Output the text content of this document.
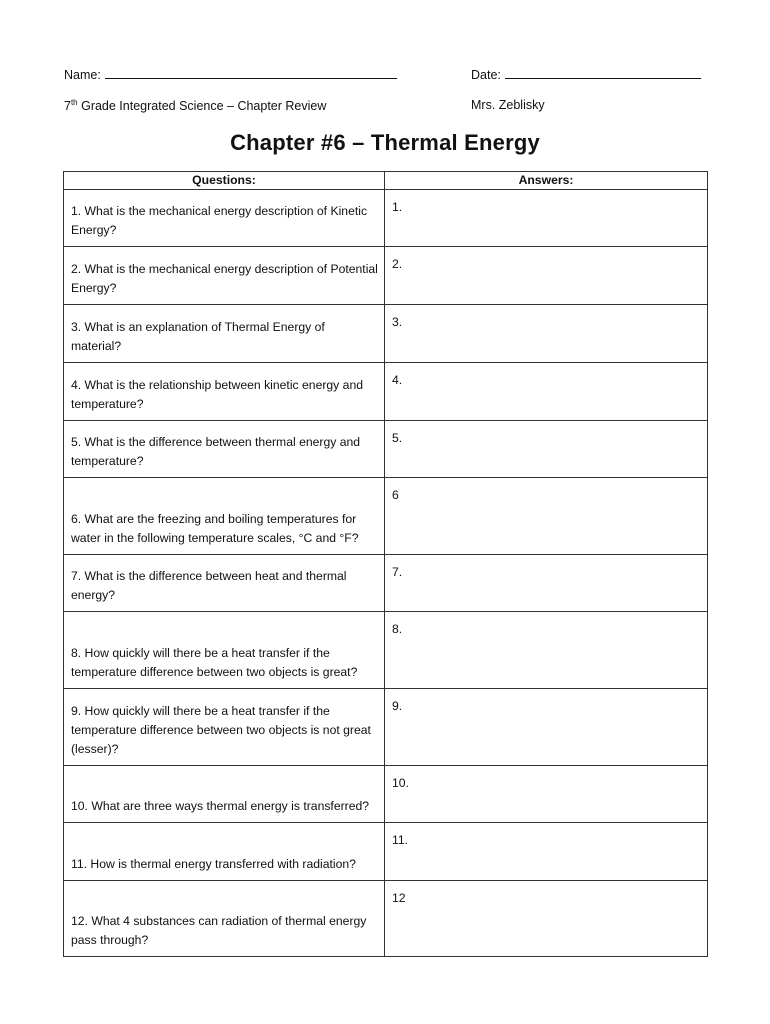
Name:	Date:
7th Grade Integrated Science – Chapter Review	Mrs. Zeblisky
Chapter #6 – Thermal Energy
Questions:	Answers:
1. What is the mechanical energy description of Kinetic Energy?	1.
2. What is the mechanical energy description of Potential Energy?	2.
3. What is an explanation of Thermal Energy of material?	3.
4. What is the relationship between kinetic energy and temperature?	4.
5. What is the difference between thermal energy and temperature?	5.
6. What are the freezing and boiling temperatures for water in the following temperature scales, °C and °F?	6
7. What is the difference between heat and thermal energy?	7.
8. How quickly will there be a heat transfer if the temperature difference between two objects is great?	8.
9. How quickly will there be a heat transfer if the temperature difference between two objects is not great (lesser)?	9.
10. What are three ways thermal energy is transferred?	10.
11. How is thermal energy transferred with radiation?	11.
12. What 4 substances can radiation of thermal energy pass through?	12
